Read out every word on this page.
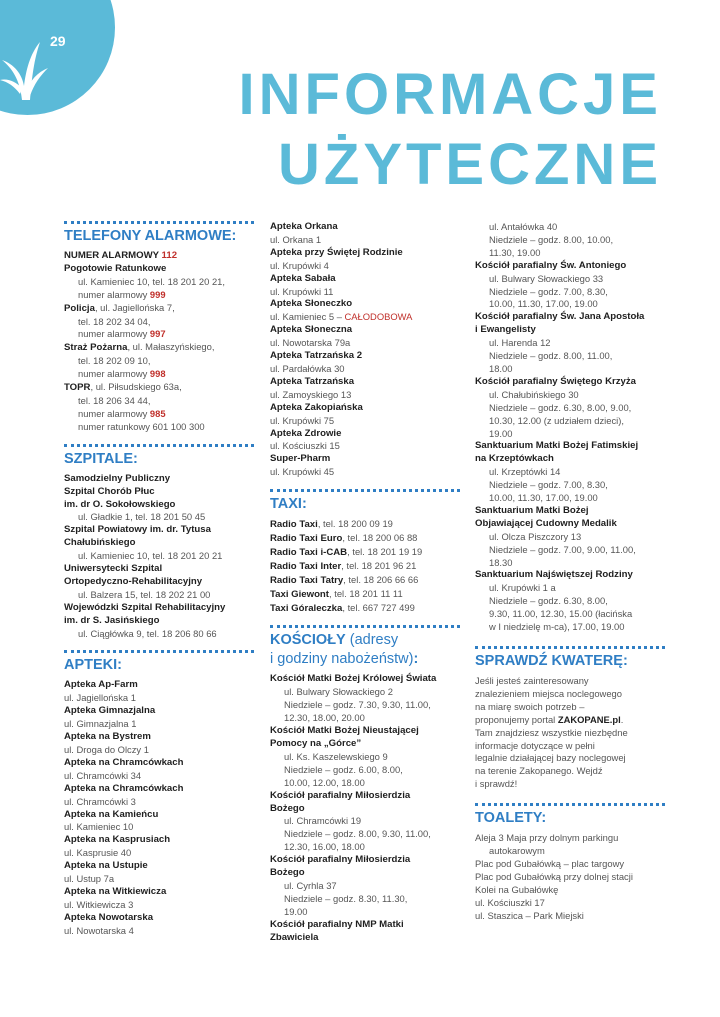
29
INFORMACJE
UŻYTECZNE
TELEFONY ALARMOWE:
NUMER ALARMOWY 112
Pogotowie Ratunkowe
ul. Kamieniec 10, tel. 18 201 20 21,
numer alarmowy 999
Policja, ul. Jagiellońska 7,
tel. 18 202 34 04,
numer alarmowy 997
Straż Pożarna, ul. Małaszyńskiego,
tel. 18 202 09 10,
numer alarmowy 998
TOPR, ul. Piłsudskiego 63a,
tel. 18 206 34 44,
numer alarmowy 985
numer ratunkowy 601 100 300
SZPITALE:
Samodzielny Publiczny
Szpital Chorób Płuc
im. dr O. Sokołowskiego
ul. Gładkie 1, tel. 18 201 50 45
Szpital Powiatowy im. dr. Tytusa
Chałubińskiego
ul. Kamieniec 10, tel. 18 201 20 21
Uniwersytecki Szpital
Ortopedyczno-Rehabilitacyjny
ul. Balzera 15, tel. 18 202 21 00
Wojewódzki Szpital Rehabilitacyjny
im. dr S. Jasińskiego
ul. Ciągłówka 9, tel. 18 206 80 66
APTEKI:
Apteka Ap-Farm
ul. Jagiellońska 1
Apteka Gimnazjalna
ul. Gimnazjalna 1
Apteka na Bystrem
ul. Droga do Olczy 1
Apteka na Chramcówkach
ul. Chramcówki 34
Apteka na Chramcówkach
ul. Chramcówki 3
Apteka na Kamieńcu
ul. Kamieniec 10
Apteka na Kasprusiach
ul. Kasprusie 40
Apteka na Ustupie
ul. Ustup 7a
Apteka na Witkiewicza
ul. Witkiewicza 3
Apteka Nowotarska
ul. Nowotarska 4
Apteka Orkana
ul. Orkana 1
Apteka przy Świętej Rodzinie
ul. Krupówki 4
Apteka Sabała
ul. Krupówki 11
Apteka Słoneczko
ul. Kamieniec 5 – CAŁODOBOWA
Apteka Słoneczna
ul. Nowotarska 79a
Apteka Tatrzańska 2
ul. Pardałówka 30
Apteka Tatrzańska
ul. Zamoyskiego 13
Apteka Zakopiańska
ul. Krupówki 75
Apteka Zdrowie
ul. Kościuszki 15
Super-Pharm
ul. Krupówki 45
TAXI:
Radio Taxi, tel. 18 200 09 19
Radio Taxi Euro, tel. 18 200 06 88
Radio Taxi i-CAB, tel. 18 201 19 19
Radio Taxi Inter, tel. 18 201 96 21
Radio Taxi Tatry, tel. 18 206 66 66
Taxi Giewont, tel. 18 201 11 11
Taxi Góraleczka, tel. 667 727 499
KOŚCIOŁY (adresy
i godziny nabożeństw):
Kościół Matki Bożej Królowej Świata
ul. Bulwary Słowackiego 2
Niedziele – godz. 7.30, 9.30, 11.00,
12.30, 18.00, 20.00
Kościół Matki Bożej Nieustającej
Pomocy na „Górce”
ul. Ks. Kaszelewskiego 9
Niedziele – godz. 6.00, 8.00,
10.00, 12.00, 18.00
Kościół parafialny Miłosierdzia
Bożego
ul. Chramcówki 19
Niedziele – godz. 8.00, 9.30, 11.00,
12.30, 16.00, 18.00
Kościół parafialny Miłosierdzia
Bożego
ul. Cyrhla 37
Niedziele – godz. 8.30, 11.30,
19.00
Kościół parafialny NMP Matki
Zbawiciela
ul. Antałówka 40
Niedziele – godz. 8.00, 10.00,
11.30, 19.00
Kościół parafialny Św. Antoniego
ul. Bulwary Słowackiego 33
Niedziele – godz. 7.00, 8.30,
10.00, 11.30, 17.00, 19.00
Kościół parafialny Św. Jana Apostoła
i Ewangelisty
ul. Harenda 12
Niedziele – godz. 8.00, 11.00,
18.00
Kościół parafialny Świętego Krzyża
ul. Chałubińskiego 30
Niedziele – godz. 6.30, 8.00, 9.00,
10.30, 12.00 (z udziałem dzieci),
19.00
Sanktuarium Matki Bożej Fatimskiej
na Krzeptówkach
ul. Krzeptówki 14
Niedziele – godz. 7.00, 8.30,
10.00, 11.30, 17.00, 19.00
Sanktuarium Matki Bożej
Objawiającej Cudowny Medalik
ul. Olcza Piszczory 13
Niedziele – godz. 7.00, 9.00, 11.00,
18.30
Sanktuarium Najświętszej Rodziny
ul. Krupówki 1 a
Niedziele – godz. 6.30, 8.00,
9.30, 11.00, 12.30, 15.00 (łacińska
w I niedzielę m-ca), 17.00, 19.00
SPRAWDŹ KWATERĘ:
Jeśli jesteś zainteresowany
znalezieniem miejsca noclegowego
na miarę swoich potrzeb –
proponujemy portal ZAKOPANE.pl.
Tam znajdziesz wszystkie niezbędne
informacje dotyczące w pełni
legalnie działającej bazy noclegowej
na terenie Zakopanego. Wejdź
i sprawdź!
TOALETY:
Aleja 3 Maja przy dolnym parkingu
autokarowym
Plac pod Gubałówką – plac targowy
Plac pod Gubałówką przy dolnej stacji
Kolei na Gubałówkę
ul. Kościuszki 17
ul. Staszica – Park Miejski
